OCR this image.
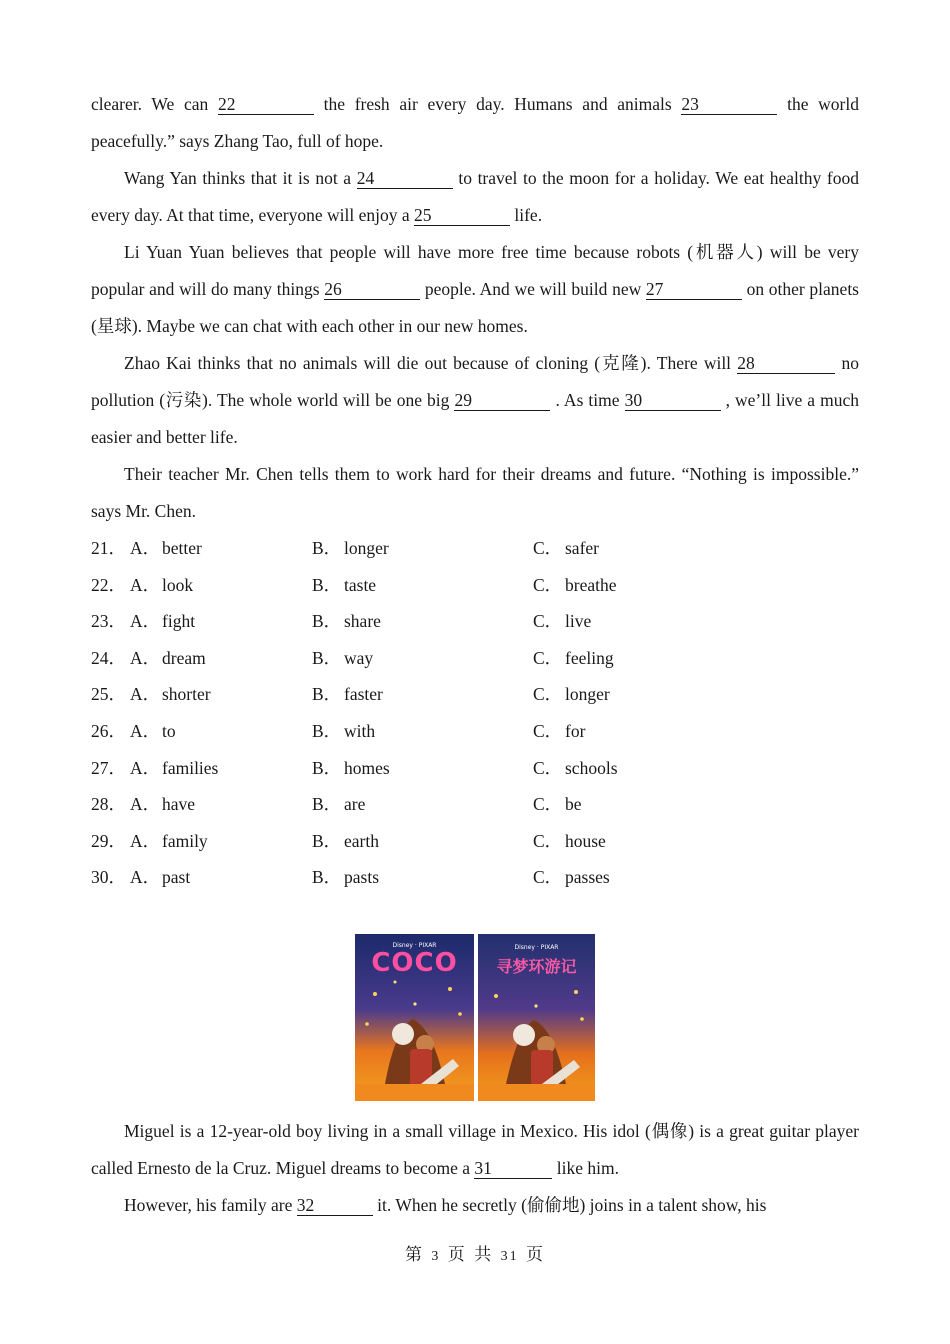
clearer. We can 22	the fresh air every day. Humans and animals 23	the world peacefully.” says Zhang Tao, full of hope.

Wang Yan thinks that it is not a 24	to travel to the moon for a holiday. We eat healthy food every day. At that time, everyone will enjoy a 25	life.

Li Yuan Yuan believes that people will have more free time because robots (机器人) will be very popular and will do many things 26	people. And we will build new 27	on other planets (星球). Maybe we can chat with each other in our new homes.

Zhao Kai thinks that no animals will die out because of cloning (克隆). There will 28	no pollution (污染). The whole world will be one big 29	. As time 30	, we’ll live a much easier and better life.

Their teacher Mr. Chen tells them to work hard for their dreams and future. “Nothing is impossible.” says Mr. Chen.

21． A． better	B． longer	C． safer
22． A． look	B． taste	C． breathe
23． A． fight	B． share	C． live
24． A． dream	B． way	C． feeling
25． A． shorter	B． faster	C． longer
26． A． to	B． with	C． for
27． A． families	B． homes	C． schools
28． A． have	B． are	C． be
29． A． family	B． earth	C． house
30． A． past	B． pasts	C． passes
Disney · PIXAR
COCO
Disney · PIXAR
寻梦环游记

Miguel is a 12-year-old boy living in a small village in Mexico. His idol (偶像) is a great guitar player called Ernesto de la Cruz. Miguel dreams to become a 31	like him.

However, his family are 32	it. When he secretly (偷偷地) joins in a talent show, his

第 3 页 共 31 页
